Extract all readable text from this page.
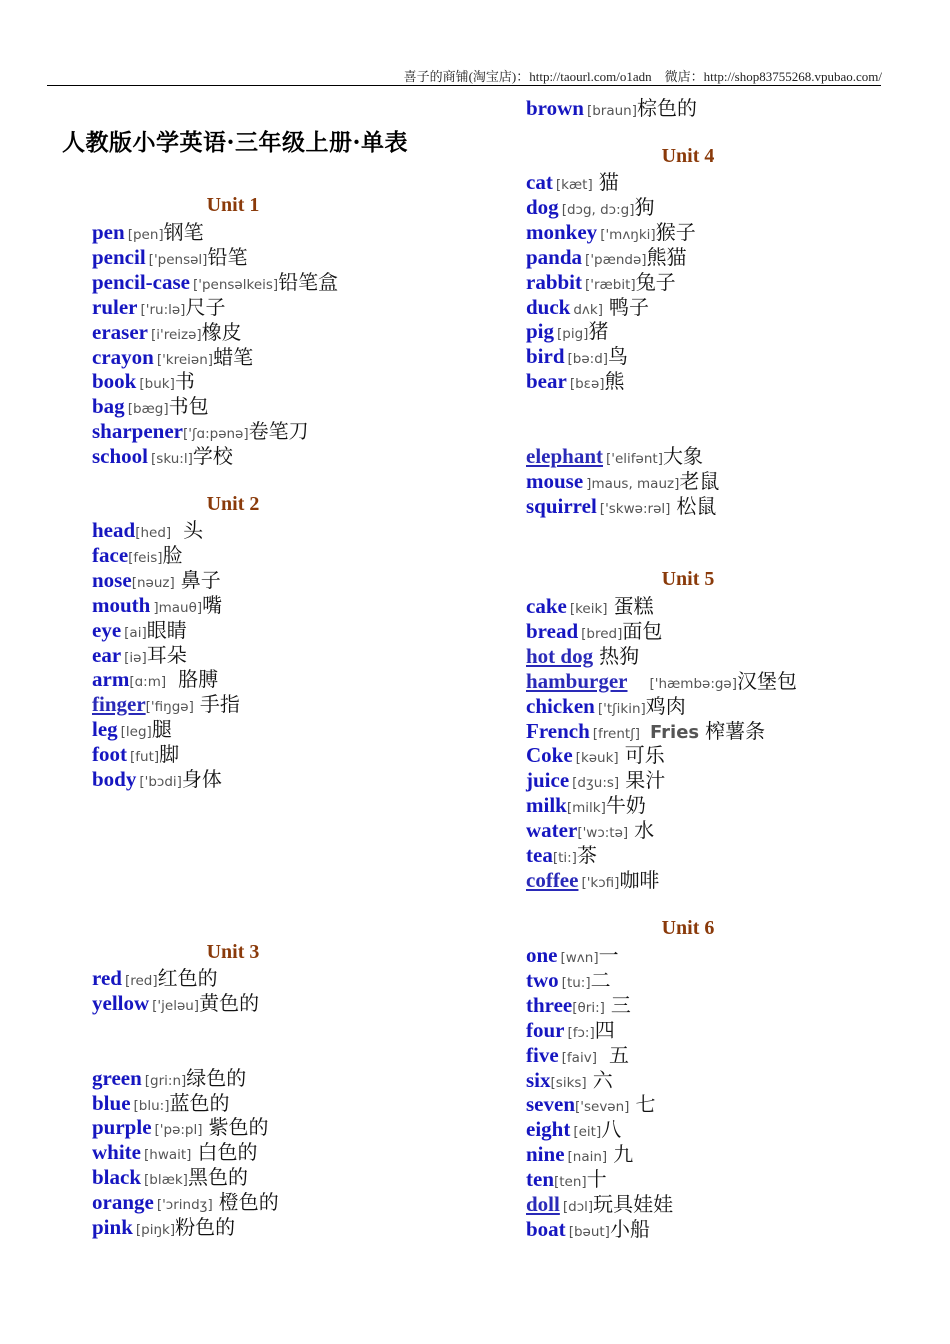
喜子的商铺(淘宝店)：http://taourl.com/o1adn　微店：http://shop83755268.vpubao.com/
人教版小学英语·三年级上册·单表
Unit 1
pen [pen]钢笔
pencil ['pensəl]铅笔
pencil-case ['pensəlkeis]铅笔盒
ruler ['ru:lə]尺子
eraser [i'reizə]橡皮
crayon ['kreiən]蜡笔
book [buk]书
bag [bæg]书包
sharpener['ʃɑ:pənə]卷笔刀
school [sku:l]学校
Unit 2
head[hed] 头
face[feis]脸
nose[nəuz] 鼻子
mouth ]mauθ]嘴
eye [ai]眼睛
ear [iə]耳朵
arm[ɑ:m] 胳膊
finger['fiŋgə] 手指
leg [leg]腿
foot [fut]脚
body ['bɔdi]身体
Unit 3
red [red]红色的
yellow ['jeləu]黄色的
green [gri:n]绿色的
blue [blu:]蓝色的
purple ['pə:pl] 紫色的
white [hwait] 白色的
black [blæk]黑色的
orange ['ɔrindʒ] 橙色的
pink [piŋk]粉色的
brown [braun]棕色的
Unit 4
cat [kæt] 猫
dog [dɔg, dɔ:g]狗
monkey ['mʌŋki]猴子
panda ['pændə]熊猫
rabbit ['ræbit]兔子
duck dʌk] 鸭子
pig [pig]猪
bird [bə:d]鸟
bear [bɛə]熊
elephant ['elifənt]大象
mouse ]maus, mauz]老鼠
squirrel ['skwə:rəl] 松鼠
Unit 5
cake [keik] 蛋糕
bread [bred]面包
hot dog 热狗
hamburger ['hæmbə:gə]汉堡包
chicken ['tʃikin]鸡肉
French [frentʃ] Fries 榨薯条
Coke [kəuk] 可乐
juice [dʒu:s] 果汁
milk[milk]牛奶
water['wɔ:tə] 水
tea[ti:]茶
coffee ['kɔfi]咖啡
Unit 6
one [wʌn]一
two [tu:]二
three[θri:] 三
four [fɔ:]四
five [faiv] 五
six[siks] 六
seven['sevən] 七
eight [eit]八
nine [nain] 九
ten[ten]十
doll [dɔl]玩具娃娃
boat [bəut]小船
